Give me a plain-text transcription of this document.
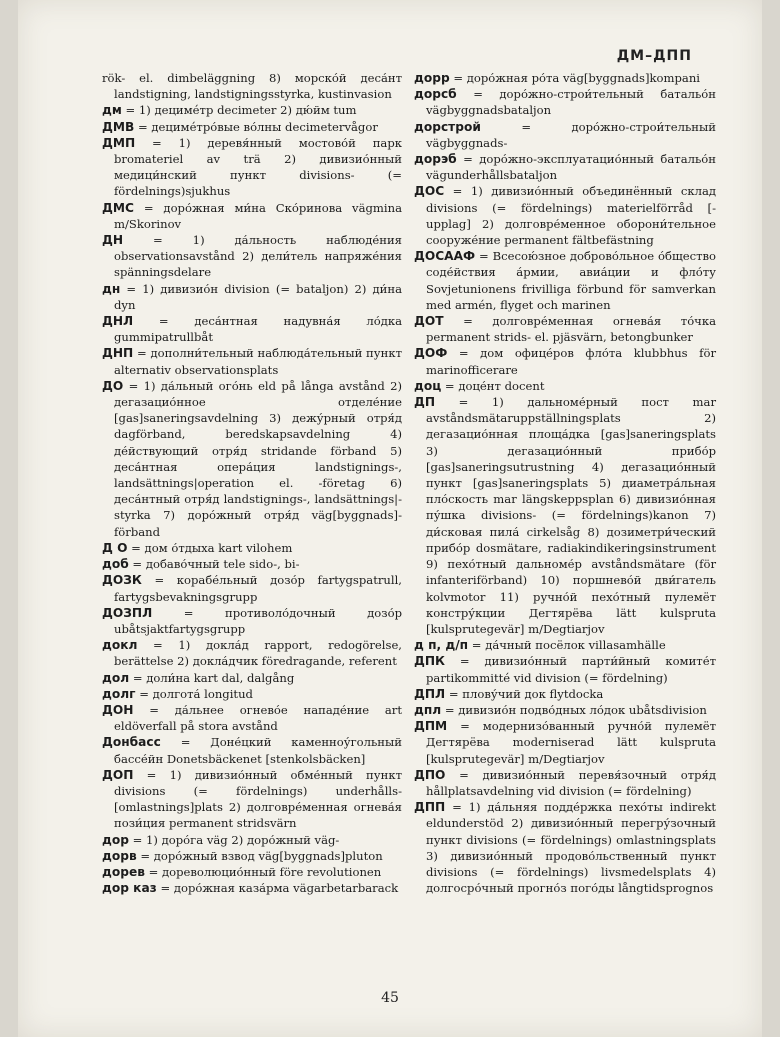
ДМ–ДПП

rök- el. dimbeläggning 8) морско́й деса́нт landstigning, landstigningsstyrka, kustinvasion

дм = 1) децимéтр decimeter 2) дю́йм tum

ДМВ = децимéтро́вые во́лны decimetervågor

ДМП = 1) деревя́нный мостово́й парк bromateriel av trä 2) дивизио́нный медици́нский пункт divisions- (= fördelnings)sjukhus

ДМС = доро́жная ми́на Ско́ринова vägmina m/Skorinov

ДН = 1) да́льность наблюде́ния observationsavstånd 2) дели́тель напряже́ния spänningsdelare

дн = 1) дивизио́н division (= bataljon) 2) ди́на dyn

ДНЛ = деса́нтная надувна́я ло́дка gummipatrullbåt

ДНП = дополни́тельный наблюда́тельный пункт alternativ observationsplats

ДО = 1) да́льный ого́нь eld på långa avstånd 2) дегазацио́нное отделе́ние [gas]saneringsavdelning 3) дежу́рный отря́д dagförband, beredskapsavdelning 4) де́йствующий отря́д stridande förband 5) деса́нтная опера́ция landstignings-, landsättnings|operation el. -företag 6) деса́нтный отря́д landstignings-, landsättnings|-styrka 7) доро́жный отря́д väg[byggnads]-förband

Д О = дом о́тдыха kart vilohem

доб = добаво́чный tele sido-, bi-

ДОЗК = корабе́льный дозо́р fartygspatrull, fartygsbevakningsgrupp

ДОЗПЛ = противоло́дочный дозо́р ubåtsjaktfartygsgrupp

докл = 1) докла́д rapport, redogörelse, berättelse 2) докла́дчик föredragande, referent

дол = доли́на kart dal, dalgång

долг = долгота́ longitud

ДОН = да́льнее огнево́е нападе́ние art eldöverfall på stora avstånd

Донбасс = Доне́цкий каменноу́гольный бассе́йн Donetsbäckenet [stenkolsbäcken]

ДОП = 1) дивизио́нный обме́нный пункт divisions (= fördelnings) underhålls- [omlastnings]plats 2) долговре́менная огнева́я пози́ция permanent stridsvärn

дор = 1) доро́га väg 2) доро́жный väg-

дорв = доро́жный взвод väg[byggnads]pluton

дорев = дореволюцио́нный före revolutionen

дор каз = доро́жная каза́рма vägarbetarbarack

дорр = доро́жная ро́та väg[byggnads]kompani

доpсб = доро́жно-строи́тельный батальо́н vägbyggnadsbataljon

дорстрой = доро́жно-строи́тельный vägbyggnads-

дорэб = доро́жно-эксплуатацио́нный батальо́н vägunderhållsbataljon

ДОС = 1) дивизио́нный объединённый склад divisions (= fördelnings) materielförråd [-upplag] 2) долговре́менное оборони́тельное сооруже́ние permanent fältbefästning

ДОСААФ = Всесою́зное доброво́льное о́бщество соде́йствия а́рмии, авиа́ции и фло́ту Sovjetunionens frivilliga förbund för samverkan med armén, flyget och marinen

ДОТ = долговре́менная огнева́я то́чка permanent strids- el. pjäsvärn, betongbunker

ДОФ = дом офице́ров фло́та klubbhus för marinofficerare

доц = доце́нт docent

ДП = 1) дальноме́рный пост mar avståndsmätaruppställningsplats 2) дегазацио́нная площа́дка [gas]saneringsplats 3) дегазацио́нный прибо́р [gas]saneringsutrustning 4) дегазацио́нный пункт [gas]saneringsplats 5) диаметра́льная пло́скость mar längskeppsplan 6) дивизио́нная пу́шка divisions- (= fördelnings)kanon 7) ди́сковая пила́ cirkelsåg 8) дозиметри́ческий прибо́р dosmätare, radiakindikeringsinstrument 9) пехо́тный дальноме́р avståndsmätare (för infanteriförband) 10) поршнево́й дви́гатель kolvmotor 11) ручно́й пехо́тный пулемёт констру́кции Дегтярёва lätt kulspruta [kulsprutegevär] m/Degtiarjov

д п, д/п = да́чный посёлок villasamhälle

ДПК = дивизио́нный парти́йный комите́т partikommitté vid division (= fördelning)

ДПЛ = плову́чий док flytdocka

дпл = дивизио́н подво́дных ло́док ubåtsdivision

ДПМ = модернизо́ванный ручно́й пулемёт Дегтярёва moderniserad lätt kulspruta [kulsprutegevär] m/Degtiarjov

ДПО = дивизио́нный перевя́зочный отря́д hållplatsavdelning vid division (= fördelning)

ДПП = 1) да́льняя подде́ржка пехо́ты indirekt eldunderstöd 2) дивизио́нный перегру́зочный пункт divisions (= fördelnings) omlastningsplats 3) дивизио́нный продово́льственный пункт divisions (= fördelnings) livsmedelsplats 4) долгосро́чный прогно́з пого́ды långtidsprognos

45
